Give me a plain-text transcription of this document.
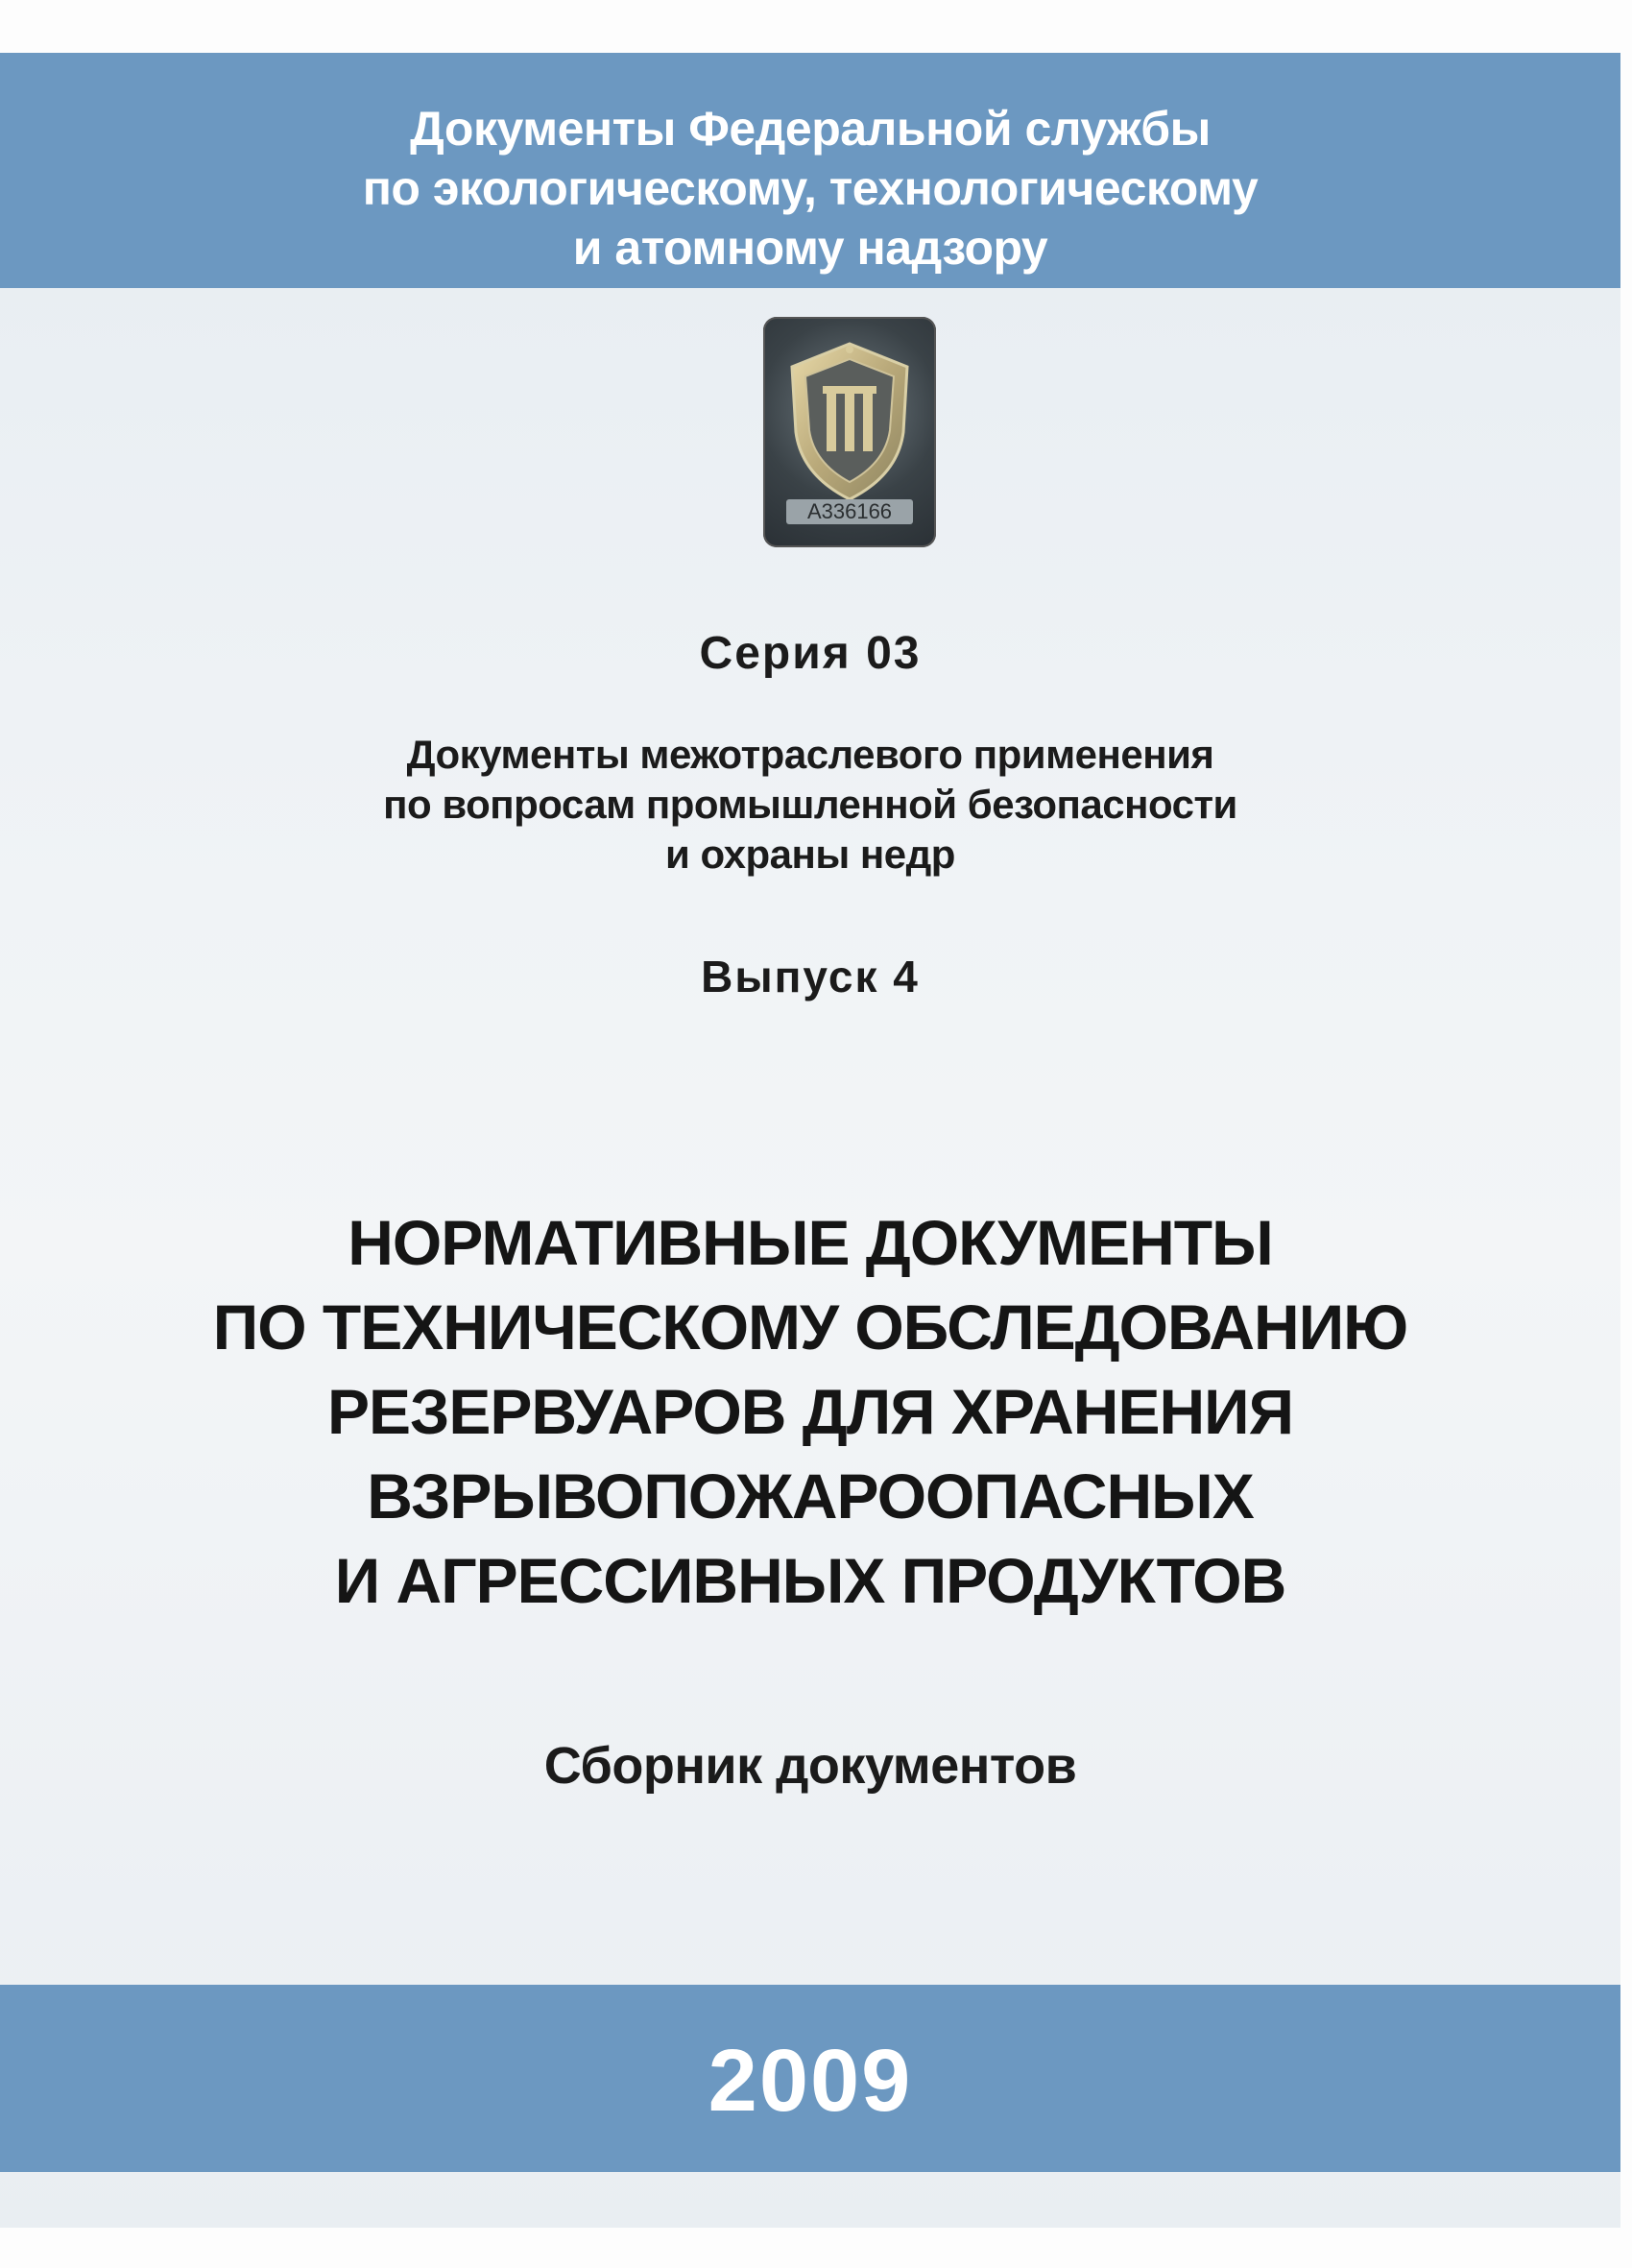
Документы Федеральной службы
по экологическому, технологическому
и атомному надзору
А336166
Серия 03
Документы межотраслевого применения
по вопросам промышленной безопасности
и охраны недр
Выпуск 4
НОРМАТИВНЫЕ ДОКУМЕНТЫ
ПО ТЕХНИЧЕСКОМУ ОБСЛЕДОВАНИЮ
РЕЗЕРВУАРОВ ДЛЯ ХРАНЕНИЯ
ВЗРЫВОПОЖАРООПАСНЫХ
И АГРЕССИВНЫХ ПРОДУКТОВ
Сборник документов
2009
